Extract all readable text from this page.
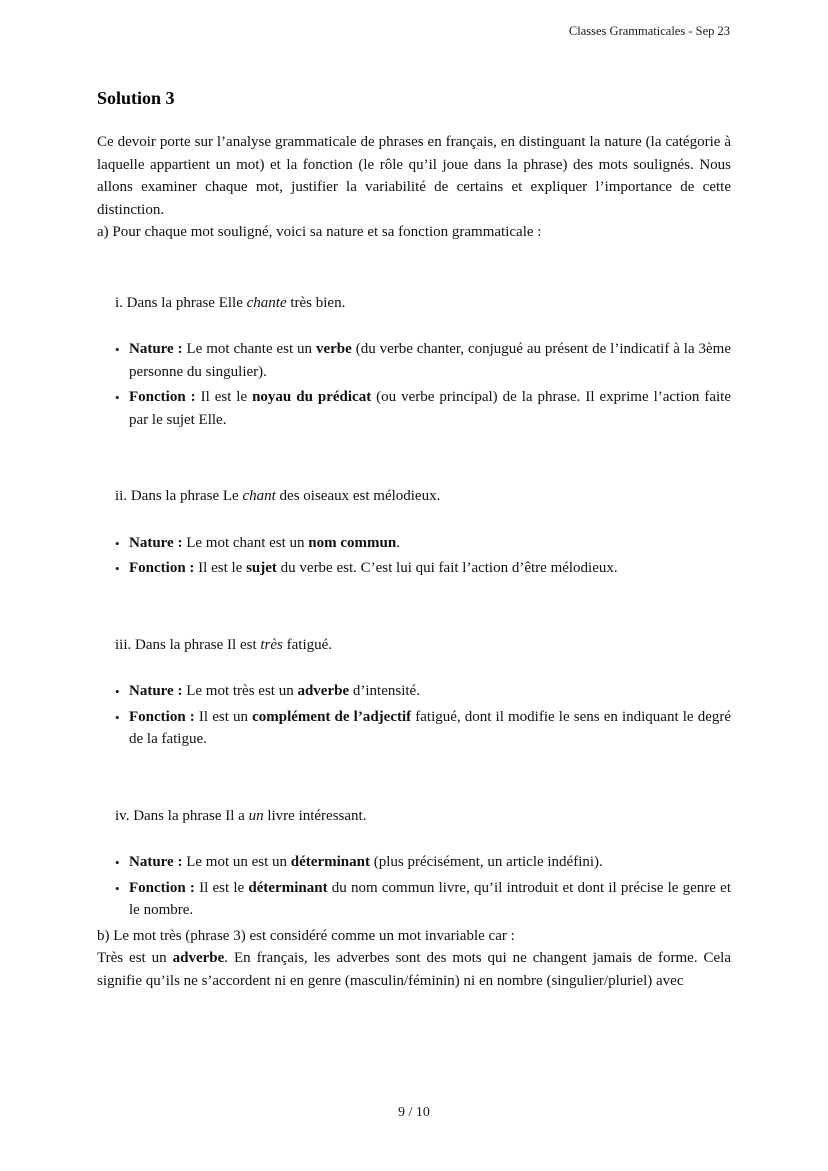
Classes Grammaticales - Sep 23
Solution 3

Ce devoir porte sur l’analyse grammaticale de phrases en français, en distinguant la nature (la catégorie à laquelle appartient un mot) et la fonction (le rôle qu’il joue dans la phrase) des mots soulignés. Nous allons examiner chaque mot, justifier la variabilité de certains et expliquer l’importance de cette distinction.

a) Pour chaque mot souligné, voici sa nature et sa fonction grammaticale :

i. Dans la phrase Elle chante très bien.

• Nature : Le mot chante est un verbe (du verbe chanter, conjugué au présent de l’indicatif à la 3ème personne du singulier).
• Fonction : Il est le noyau du prédicat (ou verbe principal) de la phrase. Il exprime l’action faite par le sujet Elle.

ii. Dans la phrase Le chant des oiseaux est mélodieux.

• Nature : Le mot chant est un nom commun.
• Fonction : Il est le sujet du verbe est. C’est lui qui fait l’action d’être mélodieux.

iii. Dans la phrase Il est très fatigué.

• Nature : Le mot très est un adverbe d’intensité.
• Fonction : Il est un complément de l’adjectif fatigué, dont il modifie le sens en indiquant le degré de la fatigue.

iv. Dans la phrase Il a un livre intéressant.

• Nature : Le mot un est un déterminant (plus précisément, un article indéfini).
• Fonction : Il est le déterminant du nom commun livre, qu’il introduit et dont il précise le genre et le nombre.

b) Le mot très (phrase 3) est considéré comme un mot invariable car :

Très est un adverbe. En français, les adverbes sont des mots qui ne changent jamais de forme. Cela signifie qu’ils ne s’accordent ni en genre (masculin/féminin) ni en nombre (singulier/pluriel) avec

9 / 10
